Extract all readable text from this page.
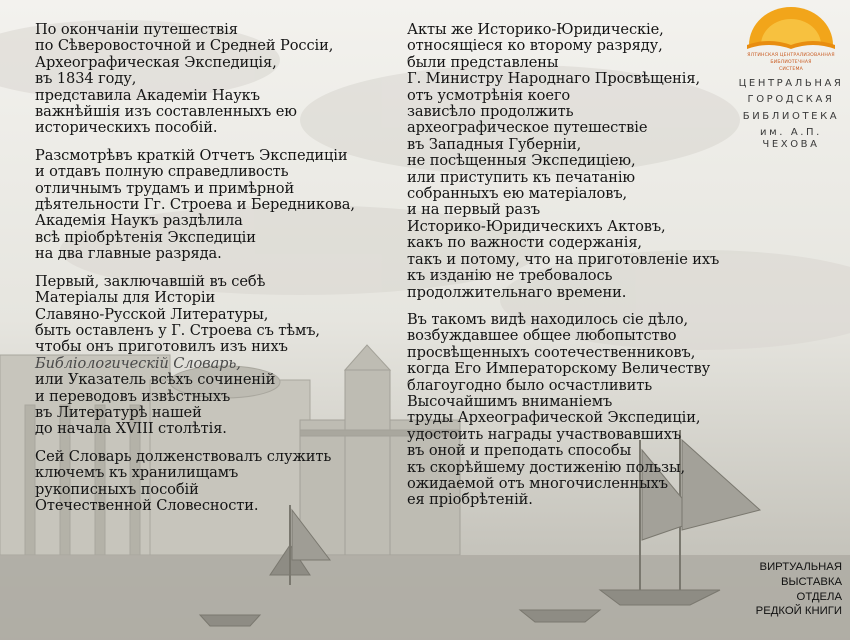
По окончаніи путешествія
по Сѣверовосточной и Средней Россіи,
Археографическая Экспедиція,
въ 1834 году,
представила Академіи Наукъ
важнѣйшія изъ составленныхъ ею
историческихъ пособій.

Разсмотрѣвъ краткій Отчетъ Экспедиціи
и отдавъ полную справедливость
отличнымъ трудамъ и примѣрной
дѣятельности Гг. Строева и Бередникова,
Академія Наукъ раздѣлила
всѣ пріобрѣтенія Экспедиціи
на два главные разряда.

Первый, заключавшій въ себѣ
Матеріалы для Исторіи
Славяно-Русской Литературы,
быть оставленъ у Г. Строева съ тѣмъ,
чтобы онъ приготовилъ изъ нихъ
Библіологическій Словарь,
или Указатель всѣхъ сочиненій
и переводовъ извѣстныхъ
въ Литературѣ нашей
до начала XVIII столѣтія.

Сей Словарь долженствовалъ служить
ключемъ къ хранилищамъ
рукописныхъ пособій
Отечественной Словесности.

Акты же Историко-Юридическіе,
относящіеся ко второму разряду,
были представлены
Г. Министру Народнаго Просвѣщенія,
отъ усмотрѣнія коего
зависѣло продолжить
археографическое путешествіе
въ Западныя Губерніи,
не посѣщенныя Экспедиціею,
или приступить къ печатанію
собранныхъ ею матеріаловъ,
и на первый разъ
Историко-Юридическихъ Актовъ,
какъ по важности содержанія,
такъ и потому, что на приготовленіе ихъ
къ изданію не требовалось
продолжительнаго времени.

Въ такомъ видѣ находилось сіе дѣло,
возбуждавшее общее любопытство
просвѣщенныхъ соотечественниковъ,
когда Его Императорскому Величеству
благоугодно было осчастливить
Высочайшимъ вниманіемъ
труды Археографической Экспедиціи,
удостоить награды участвовавшихъ
въ оной и преподать способы
къ скорѣйшему достиженію пользы,
ожидаемой отъ многочисленныхъ
ея пріобрѣтеній.

ЯЛТИНСКАЯ ЦЕНТРАЛИЗОВАННАЯ
БИБЛИОТЕЧНАЯ
СИСТЕМА
ЦЕНТРАЛЬНАЯ
ГОРОДСКАЯ
БИБЛИОТЕКА
им. А.П. ЧЕХОВА
ВИРТУАЛЬНАЯ
ВЫСТАВКА
ОТДЕЛА
РЕДКОЙ КНИГИ
